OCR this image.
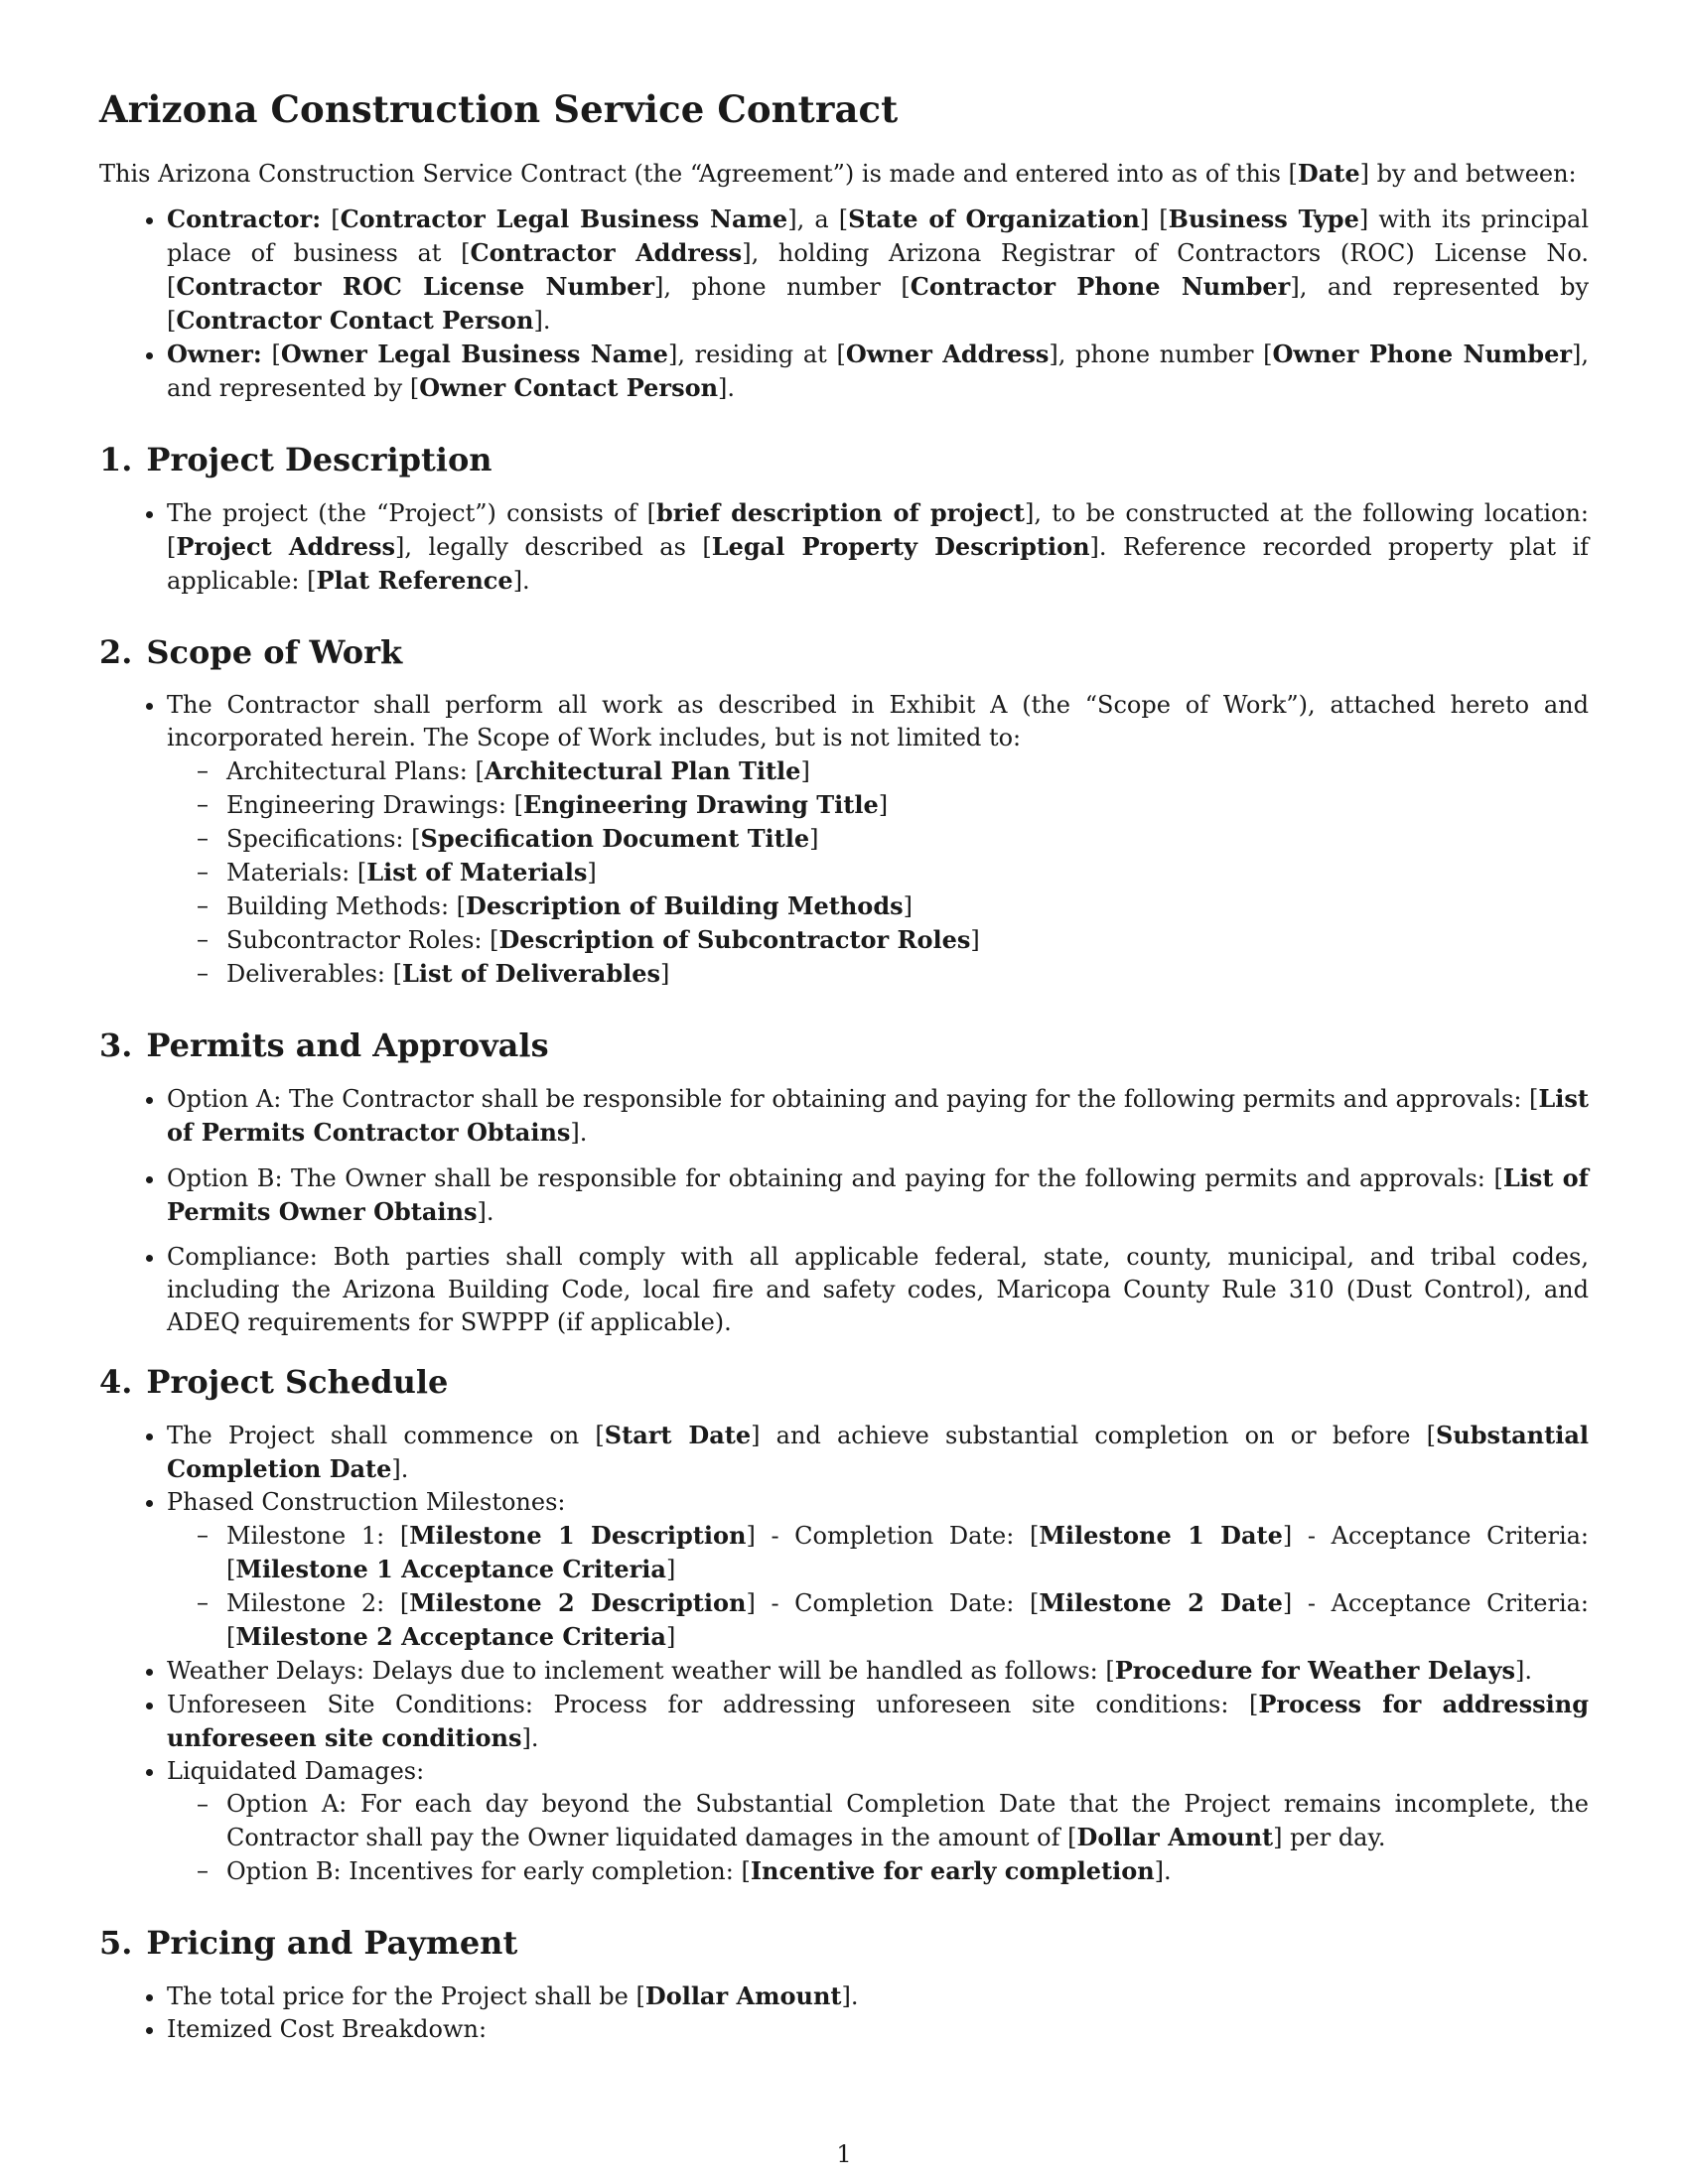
Arizona Construction Service Contract

This Arizona Construction Service Contract (the “Agreement”) is made and entered into as of this [Date] by and between:

• Contractor: [Contractor Legal Business Name], a [State of Organization] [Business Type] with its principal place of business at [Contractor Address], holding Arizona Registrar of Contractors (ROC) License No. [Contractor ROC License Number], phone number [Contractor Phone Number], and represented by [Contractor Contact Person].
• Owner: [Owner Legal Business Name], residing at [Owner Address], phone number [Owner Phone Number], and represented by [Owner Contact Person].
1. Project Description
• The project (the “Project”) consists of [brief description of project], to be constructed at the following location: [Project Address], legally described as [Legal Property Description]. Reference recorded property plat if applicable: [Plat Reference].
2. Scope of Work
• The Contractor shall perform all work as described in Exhibit A (the “Scope of Work”), attached hereto and incorporated herein. The Scope of Work includes, but is not limited to:
– Architectural Plans: [Architectural Plan Title]
– Engineering Drawings: [Engineering Drawing Title]
– Specifications: [Specification Document Title]
– Materials: [List of Materials]
– Building Methods: [Description of Building Methods]
– Subcontractor Roles: [Description of Subcontractor Roles]
– Deliverables: [List of Deliverables]
3. Permits and Approvals
• Option A: The Contractor shall be responsible for obtaining and paying for the following permits and approvals: [List of Permits Contractor Obtains].
• Option B: The Owner shall be responsible for obtaining and paying for the following permits and approvals: [List of Permits Owner Obtains].
• Compliance: Both parties shall comply with all applicable federal, state, county, municipal, and tribal codes, including the Arizona Building Code, local fire and safety codes, Maricopa County Rule 310 (Dust Control), and ADEQ requirements for SWPPP (if applicable).
4. Project Schedule
• The Project shall commence on [Start Date] and achieve substantial completion on or before [Substantial Completion Date].
• Phased Construction Milestones:
– Milestone 1: [Milestone 1 Description] - Completion Date: [Milestone 1 Date] - Acceptance Criteria: [Milestone 1 Acceptance Criteria]
– Milestone 2: [Milestone 2 Description] - Completion Date: [Milestone 2 Date] - Acceptance Criteria: [Milestone 2 Acceptance Criteria]
• Weather Delays: Delays due to inclement weather will be handled as follows: [Procedure for Weather Delays].
• Unforeseen Site Conditions: Process for addressing unforeseen site conditions: [Process for addressing unforeseen site conditions].
• Liquidated Damages:
– Option A: For each day beyond the Substantial Completion Date that the Project remains incomplete, the Contractor shall pay the Owner liquidated damages in the amount of [Dollar Amount] per day.
– Option B: Incentives for early completion: [Incentive for early completion].
5. Pricing and Payment
• The total price for the Project shall be [Dollar Amount].
• Itemized Cost Breakdown:
1
